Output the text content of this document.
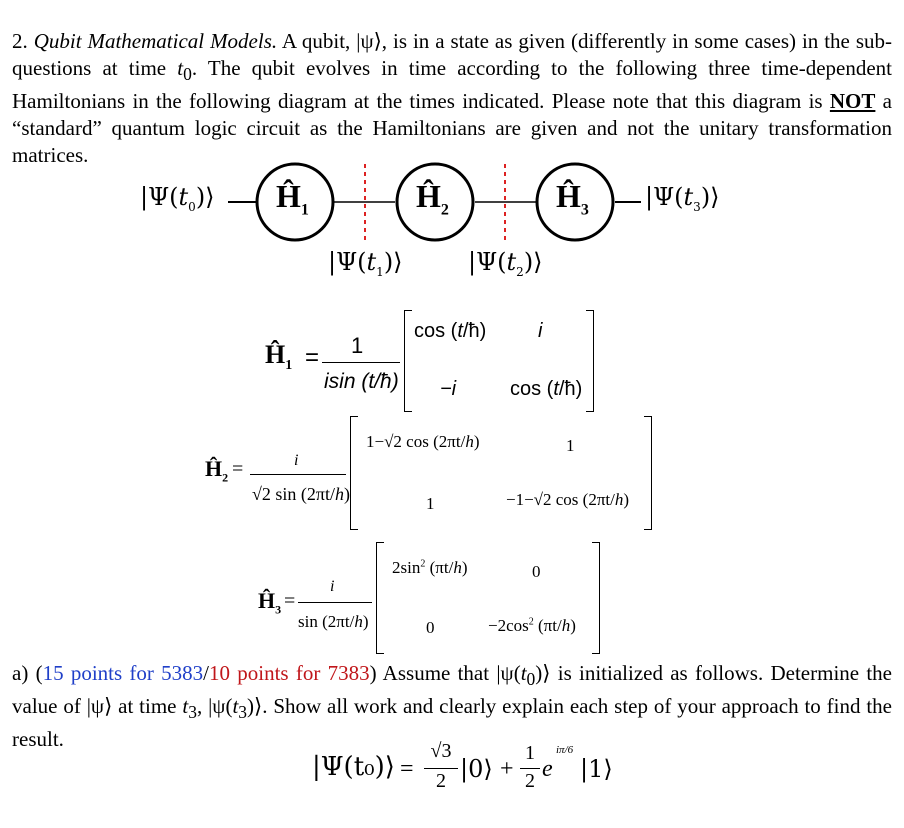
2. Qubit Mathematical Models. A qubit, |ψ⟩, is in a state as given (differently in some cases) in the sub-questions at time $t_0$. The qubit evolves in time according to the following three time-dependent Hamiltonians in the following diagram at the times indicated. Please note that this diagram is NOT a “standard” quantum logic circuit as the Hamiltonians are given and not the unitary transformation matrices.
$Ĥ_1$	$Ĥ_2$	$Ĥ_3$
$|\Psi(t_0)⟩$	$|\Psi(t_3)⟩$
$|\Psi(t_1)⟩$	$|\Psi(t_2)⟩$
$Ĥ_1 = 1$
isin (t/ħ)
cos (t/ħ)	i
−i	cos (t/ħ)
$Ĥ_2$ =	i
√2 sin (2πt/h)
1−√2 cos (2πt/h)	1
1	−1−√2 cos (2πt/h)
$Ĥ_3$ =
i
sin (2πt/h)
$2\sin^2$ (πt/h)	0
0	$-2\cos^2$ (πt/h)
a) (15 points for 5383/10 points for 7383) Assume that $|\psi(t_0)⟩$ is initialized as follows. Determine the value of |ψ⟩ at time $t_3$, $|\psi(t_3)⟩$. Show all work and clearly explain each step of your approach to find the result.
|Ψ(t₀)⟩ =
√3
2 |0⟩ +
1
2 e
iπ/6
|1⟩
